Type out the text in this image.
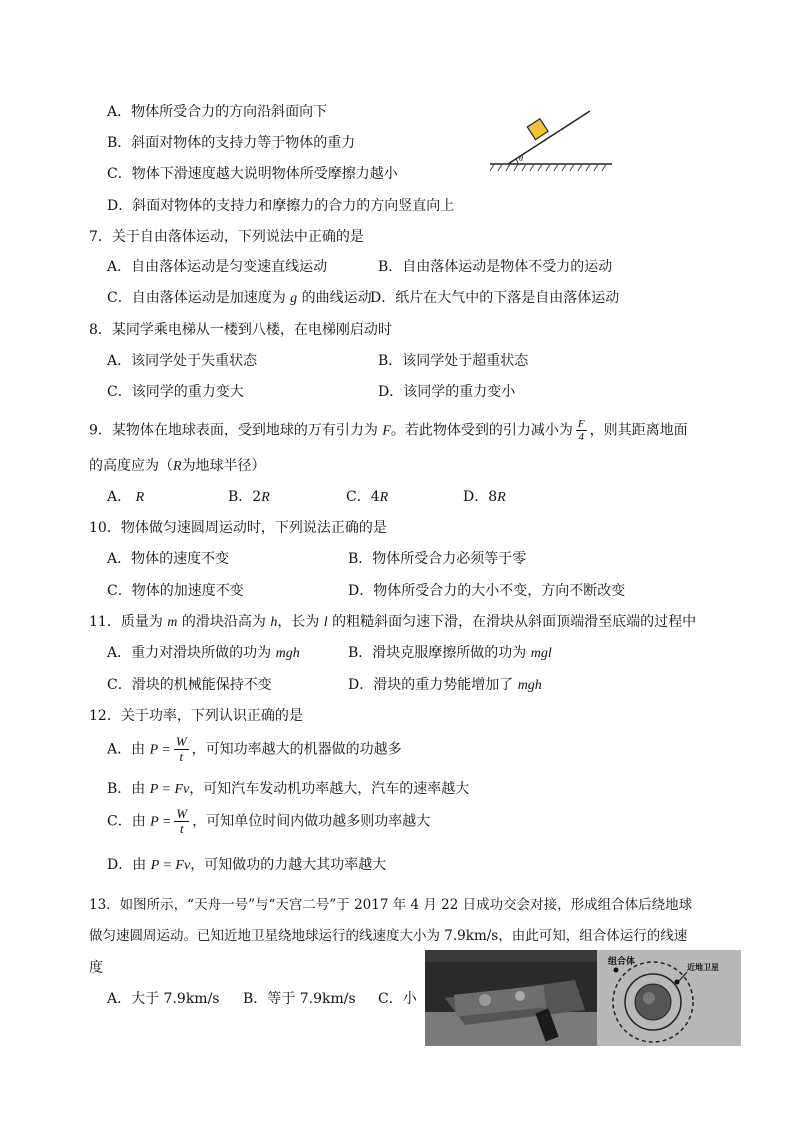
A．物体所受合力的方向沿斜面向下
B．斜面对物体的支持力等于物体的重力
C．物体下滑速度越大说明物体所受摩擦力越小
D．斜面对物体的支持力和摩擦力的合力的方向竖直向上
θ
7．关于自由落体运动，下列说法中正确的是
A．自由落体运动是匀变速直线运动	B．自由落体运动是物体不受力的运动
C．自由落体运动是加速度为 g 的曲线运动
D．纸片在大气中的下落是自由落体运动
8．某同学乘电梯从一楼到八楼，在电梯刚启动时
A．该同学处于失重状态	B．该同学处于超重状态
C．该同学的重力变大	D．该同学的重力变小
9．某物体在地球表面，受到地球的万有引力为 F。若此物体受到的引力减小为 $\frac{F}{4}$ ，则其距离地面
的高度应为（R为地球半径）
A． R	B．2R	C．4R	D．8R
10．物体做匀速圆周运动时，下列说法正确的是
A．物体的速度不变	B．物体所受合力必须等于零
C．物体的加速度不变	D．物体所受合力的大小不变，方向不断改变
11．质量为 m 的滑块沿高为 h，长为 l 的粗糙斜面匀速下滑，在滑块从斜面顶端滑至底端的过程中
A．重力对滑块所做的功为 mgh	B．滑块克服摩擦所做的功为 mgl
C．滑块的机械能保持不变	D．滑块的重力势能增加了 mgh
12．关于功率，下列认识正确的是
A．由 $P = \frac{W}{t}$ ，可知功率越大的机器做的功越多
B．由 P = Fv，可知汽车发动机功率越大，汽车的速率越大
C．由 $P = \frac{W}{t}$ ，可知单位时间内做功越多则功率越大
D．由 P = Fv，可知做功的力越大其功率越大
13．如图所示，“天舟一号”与“天宫二号”于 2017 年 4 月 22 日成功交会对接，形成组合体后绕地球
做匀速圆周运动。已知近地卫星绕地球运行的线速度大小为 7.9km/s，由此可知，组合体运行的线速
度
A．大于 7.9km/s B．等于 7.9km/s C．小
组合体
近地卫星
